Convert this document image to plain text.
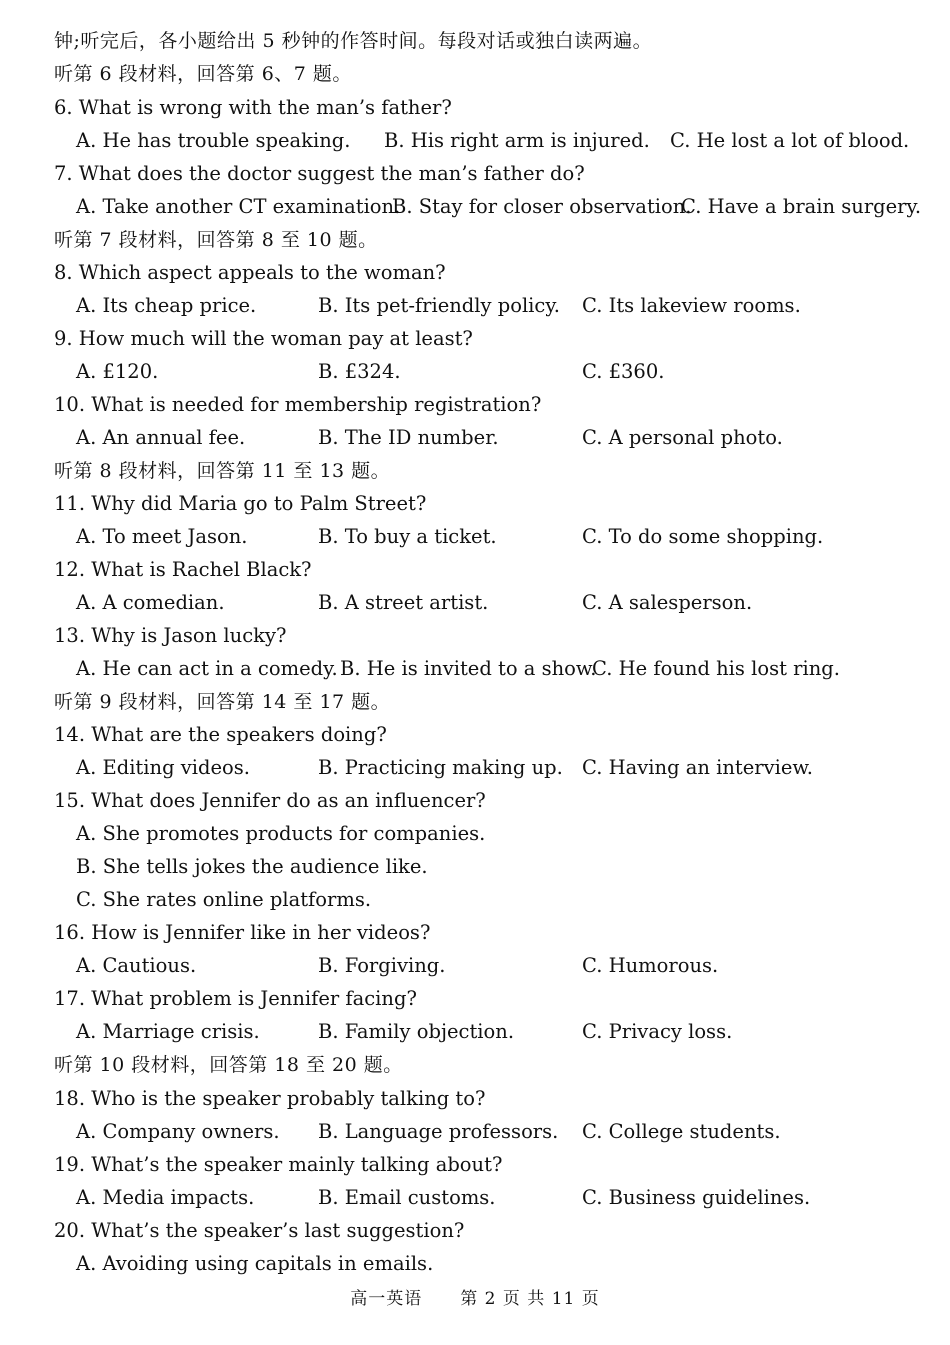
钟;听完后，各小题给出 5 秒钟的作答时间。每段对话或独白读两遍。
听第 6 段材料，回答第 6、7 题。
6. What is wrong with the man’s father?
A. He has trouble speaking. B. His right arm is injured. C. He lost a lot of blood.
7. What does the doctor suggest the man’s father do?
A. Take another CT examination.
B. Stay for closer observation.
C. Have a brain surgery.
听第 7 段材料，回答第 8 至 10 题。
8. Which aspect appeals to the woman?
A. Its cheap price.	B. Its pet-friendly policy. C. Its lakeview rooms.
9. How much will the woman pay at least?
A. £120.	B. £324.	C. £360.
10. What is needed for membership registration?
A. An annual fee.	B. The ID number.	C. A personal photo.
听第 8 段材料，回答第 11 至 13 题。
11. Why did Maria go to Palm Street?
A. To meet Jason.	B. To buy a ticket.	C. To do some shopping.
12. What is Rachel Black?
A. A comedian.	B. A street artist.	C. A salesperson.
13. Why is Jason lucky?
A. He can act in a comedy. B. He is invited to a show.
C. He found his lost ring.
听第 9 段材料，回答第 14 至 17 题。
14. What are the speakers doing?
A. Editing videos.	B. Practicing making up. C. Having an interview.
15. What does Jennifer do as an influencer?
A. She promotes products for companies.
B. She tells jokes the audience like.
C. She rates online platforms.
16. How is Jennifer like in her videos?
A. Cautious.	B. Forgiving.	C. Humorous.
17. What problem is Jennifer facing?
A. Marriage crisis.	B. Family objection.	C. Privacy loss.
听第 10 段材料，回答第 18 至 20 题。
18. Who is the speaker probably talking to?
A. Company owners. B. Language professors. C. College students.
19. What’s the speaker mainly talking about?
A. Media impacts.	B. Email customs.	C. Business guidelines.
20. What’s the speaker’s last suggestion?
A. Avoiding using capitals in emails.
高一英语 第 2 页 共 11 页
